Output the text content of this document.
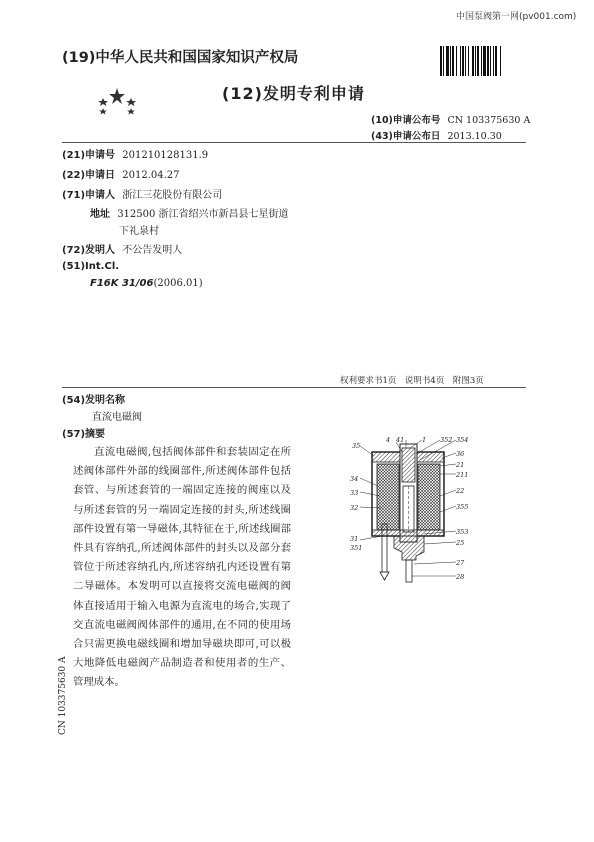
中国泵阀第一网(pv001.com)
(19)中华人民共和国国家知识产权局
(12)发明专利申请
(10)申请公布号 CN 103375630 A
(43)申请公布日 2013.10.30
(21)申请号 201210128131.9
(22)申请日 2012.04.27
(71)申请人 浙江三花股份有限公司
地址 312500 浙江省绍兴市新昌县七星街道
下礼泉村
(72)发明人 不公告发明人
(51)Int.Cl.
F16K 31/06(2006.01)
权利要求书1页　说明书4页　附图3页
(54)发明名称
直流电磁阀
(57)摘要

直流电磁阀,包括阀体部件和套装固定在所述阀体部件外部的线圈部件,所述阀体部件包括套管、与所述套管的一端固定连接的阀座以及与所述套管的另一端固定连接的封头,所述线圈部件设置有第一导磁体,其特征在于,所述线圈部件具有容纳孔,所述阀体部件的封头以及部分套管位于所述容纳孔内,所述容纳孔内还设置有第二导磁体。本发明可以直接将交流电磁阀的阀体直接适用于输入电源为直流电的场合,实现了交直流电磁阀阀体部件的通用,在不同的使用场合只需更换电磁线圈和增加导磁块即可,可以极大地降低电磁阀产品制造者和使用者的生产、管理成本。

CN 103375630 A
35
4 41	1 352 354
36
21
211
34
33	22
32	355
353
31
351
25
27
28
